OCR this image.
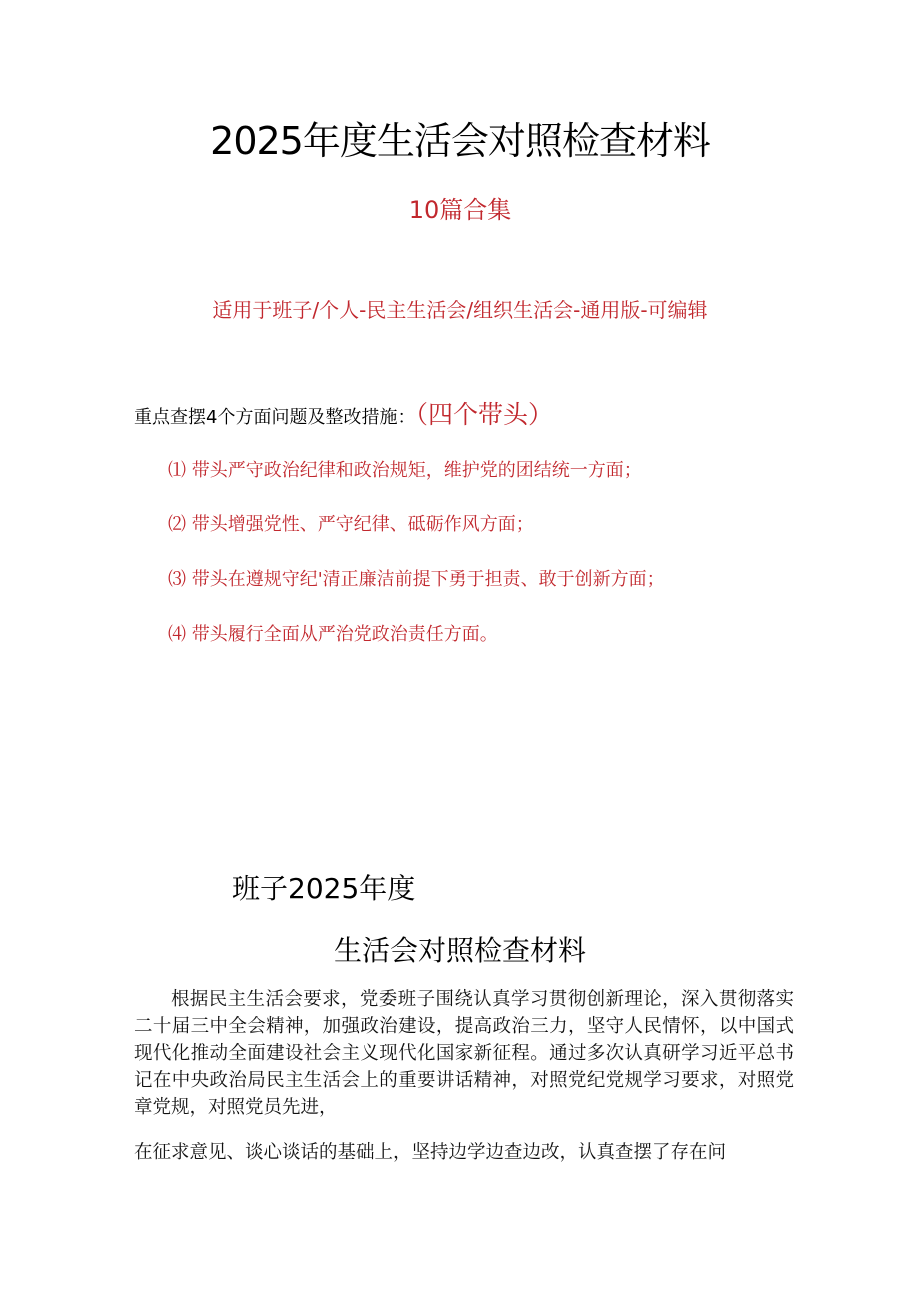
2025年度生活会对照检查材料
10篇合集
适用于班子/个人-民主生活会/组织生活会-通用版-可编辑
重点查摆4个方面问题及整改措施：（四个带头）
⑴ 带头严守政治纪律和政治规矩，维护党的团结统一方面；
⑵ 带头增强党性、严守纪律、砥砺作风方面；
⑶ 带头在遵规守纪'清正廉洁前提下勇于担责、敢于创新方面；
⑷ 带头履行全面从严治党政治责任方面。
班子2025年度
生活会对照检查材料
根据民主生活会要求，党委班子围绕认真学习贯彻创新理论，深入贯彻落实二十届三中全会精神，加强政治建设，提高政治三力，坚守人民情怀，以中国式现代化推动全面建设社会主义现代化国家新征程。通过多次认真研学习近平总书记在中央政治局民主生活会上的重要讲话精神，对照党纪党规学习要求，对照党章党规，对照党员先进，
在征求意见、谈心谈话的基础上，坚持边学边查边改，认真查摆了存在问
